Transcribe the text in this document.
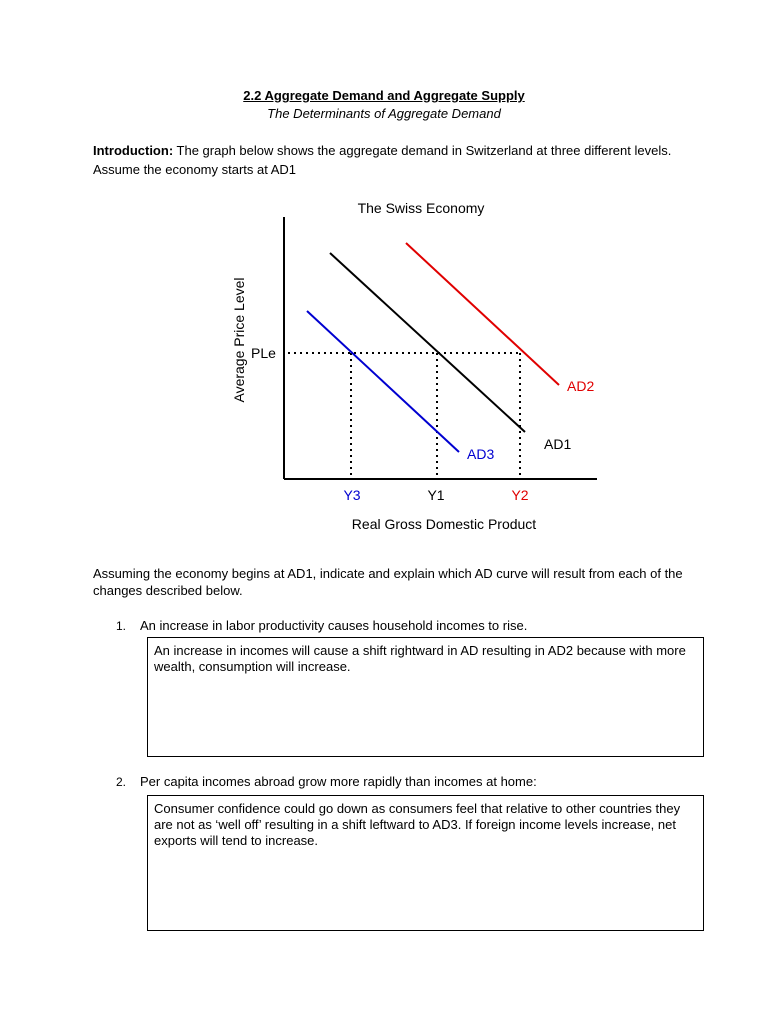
2.2 Aggregate Demand and Aggregate Supply
The Determinants of Aggregate Demand
Introduction: The graph below shows the aggregate demand in Switzerland at three different levels. Assume the economy starts at AD1
The Swiss Economy
PLe
Average Price Level
AD1
AD2
AD3
Y3	Y1	Y2
Real Gross Domestic Product
Assuming the economy begins at AD1, indicate and explain which AD curve will result from each of the changes described below.
1. An increase in labor productivity causes household incomes to rise.
An increase in incomes will cause a shift rightward in AD resulting in AD2 because with more wealth, consumption will increase.
2. Per capita incomes abroad grow more rapidly than incomes at home:
Consumer confidence could go down as consumers feel that relative to other countries they are not as ‘well off’ resulting in a shift leftward to AD3. If foreign income levels increase, net exports will tend to increase.
